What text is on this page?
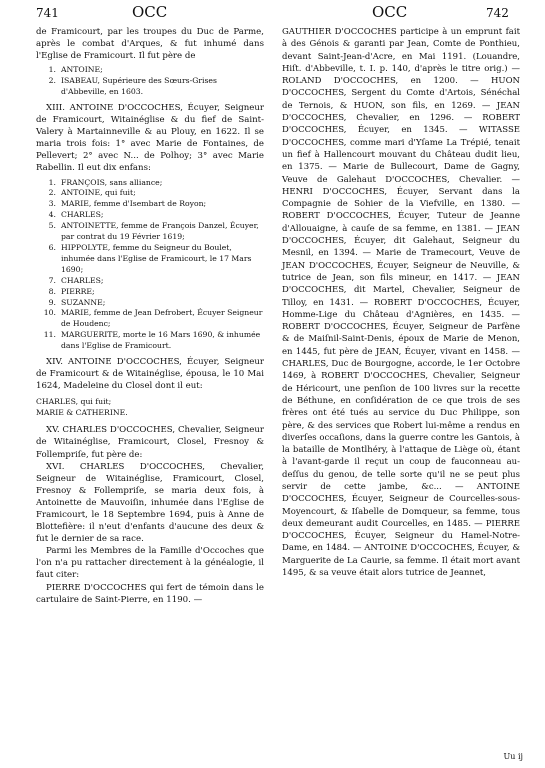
741	OCC	OCC	742

de Framicourt, par les troupes du Duc de Parme, après le combat d'Arques, & fut inhumé dans l'Eglise de Framicourt. Il fut père de

1. ANTOINE;
2. ISABEAU, Supérieure des Sœurs-Grises d'Abbeville, en 1603.

XIII. ANTOINE D'OCCOCHES, Écuyer, Seigneur de Framicourt, Witainéglise & du fief de Saint-Valery à Martainneville & au Plouy, en 1622. Il se maria trois fois: 1° avec Marie de Fontaines, de Pellevert; 2° avec N... de Polhoy; 3° avec Marie Rabellin. Il eut dix enfans:

1. FRANÇOIS, sans alliance;
2. ANTOINE, qui fuit;
3. MARIE, femme d'Isembart de Royon;
4. CHARLES;
5. ANTOINETTE, femme de François Danzel, Écuyer, par contrat du 19 Février 1619;
6. HIPPOLYTE, femme du Seigneur du Boulet, inhumée dans l'Eglise de Framicourt, le 17 Mars 1690;
7. CHARLES;
8. PIERRE;
9. SUZANNE;
10. MARIE, femme de Jean Defrobert, Écuyer Seigneur de Houdenc;
11. MARGUERITE, morte le 16 Mars 1690, & inhumée dans l'Eglise de Framicourt.

XIV. ANTOINE D'OCCOCHES, Écuyer, Seigneur de Framicourt & de Witainéglise, épousa, le 10 Mai 1624, Madeleine du Closel dont il eut:

CHARLES, qui fuit;
MARIE & CATHERINE.

XV. CHARLES D'OCCOCHES, Chevalier, Seigneur de Witainéglise, Framicourt, Closel, Fresnoy & Follempriſe, fut père de:

XVI. CHARLES D'OCCOCHES, Chevalier, Seigneur de Witainéglise, Framicourt, Closel, Fresnoy & Follempriſe, se maria deux fois, à Antoinette de Mauvoiſin, inhumée dans l'Eglise de Framicourt, le 18 Septembre 1694, puis à Anne de Blottefière: il n'eut d'enfants d'aucune des deux & fut le dernier de sa race.

Parmi les Membres de la Famille d'Occoches que l'on n'a pu rattacher directement à la généalogie, il faut citer:

PIERRE D'OCCOCHES qui fert de témoin dans le cartulaire de Saint-Pierre, en 1190. —

GAUTHIER D'OCCOCHES participe à un emprunt fait à des Génois & garanti par Jean, Comte de Ponthieu, devant Saint-Jean-d'Acre, en Mai 1191. (Louandre, Hiſt. d'Abbeville, t. I. p. 140, d'après le titre orig.) — ROLAND D'OCCOCHES, en 1200. — HUON D'OCCOCHES, Sergent du Comte d'Artois, Sénéchal de Ternois, & HUON, son fils, en 1269. — JEAN D'OCCOCHES, Chevalier, en 1296. — ROBERT D'OCCOCHES, Écuyer, en 1345. — WITASSE D'OCCOCHES, comme mari d'Yſame La Trépié, tenait un fief à Hallencourt mouvant du Château dudit lieu, en 1375. — Marie de Bullecourt, Dame de Gagny, Veuve de Galehaut D'OCCOCHES, Chevalier. — HENRI D'OCCOCHES, Écuyer, Servant dans la Compagnie de Sohier de la Viefville, en 1380. — ROBERT D'OCCOCHES, Écuyer, Tuteur de Jeanne d'Allouaigne, à cauſe de sa femme, en 1381. — JEAN D'OCCOCHES, Écuyer, dit Galehaut, Seigneur du Mesnil, en 1394. — Marie de Tramecourt, Veuve de JEAN D'OCCOCHES, Écuyer, Seigneur de Neuville, & tutrice de Jean, son fils mineur, en 1417. — JEAN D'OCCOCHES, dit Martel, Chevalier, Seigneur de Tilloy, en 1431. — ROBERT D'OCCOCHES, Écuyer, Homme-Lige du Château d'Agnières, en 1435. — ROBERT D'OCCOCHES, Écuyer, Seigneur de Parfène & de Maiſnil-Saint-Denis, époux de Marie de Menon, en 1445, fut père de JEAN, Écuyer, vivant en 1458. — CHARLES, Duc de Bourgogne, accorde, le 1er Octobre 1469, à ROBERT D'OCCOCHES, Chevalier, Seigneur de Héricourt, une penſion de 100 livres sur la recette de Béthune, en conſidération de ce que trois de ses frères ont été tués au service du Duc Philippe, son père, & des services que Robert lui-même a rendus en diverſes occaſions, dans la guerre contre les Gantois, à la bataille de Montlhéry, à l'attaque de Liège où, étant à l'avant-garde il reçut un coup de fauconneau au-deſſus du genou, de telle sorte qu'il ne se peut plus servir de cette jambe, &c... — ANTOINE D'OCCOCHES, Écuyer, Seigneur de Courcelles-sous-Moyencourt, & Iſabelle de Domqueur, sa femme, tous deux demeurant audit Courcelles, en 1485. — PIERRE D'OCCOCHES, Écuyer, Seigneur du Hamel-Notre-Dame, en 1484. — ANTOINE D'OCCOCHES, Écuyer, & Marguerite de La Caurie, sa femme. Il était mort avant 1495, & sa veuve était alors tutrice de Jeannet,

Uu ij
